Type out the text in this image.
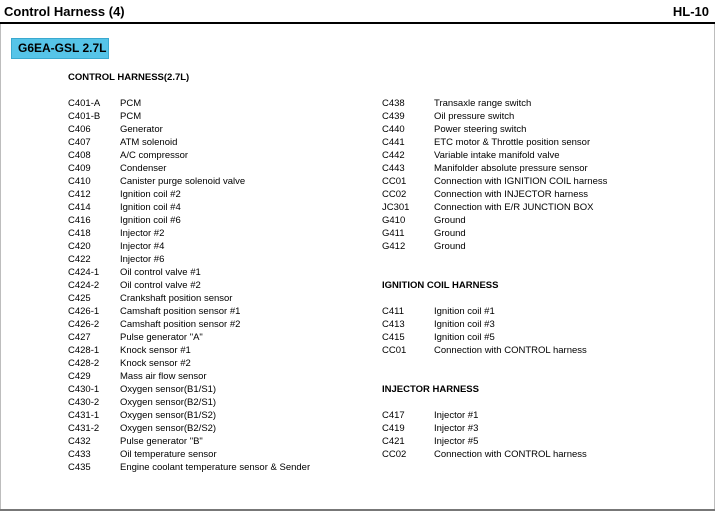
Control Harness (4)	HL-10
G6EA-GSL 2.7L
CONTROL HARNESS(2.7L)
C401-A PCM
C401-B PCM
C406	Generator
C407	ATM solenoid
C408	A/C compressor
C409	Condenser
C410	Canister purge solenoid valve
C412	Ignition coil #2
C414	Ignition coil #4
C416	Ignition coil #6
C418	Injector #2
C420	Injector #4
C422	Injector #6
C424-1 Oil control valve #1
C424-2 Oil control valve #2
C425	Crankshaft position sensor
C426-1 Camshaft position sensor #1
C426-2 Camshaft position sensor #2
C427	Pulse generator "A"
C428-1 Knock sensor #1
C428-2 Knock sensor #2
C429	Mass air flow sensor
C430-1 Oxygen sensor(B1/S1)
C430-2 Oxygen sensor(B2/S1)
C431-1 Oxygen sensor(B1/S2)
C431-2 Oxygen sensor(B2/S2)
C432	Pulse generator "B"
C433	Oil temperature sensor
C435	Engine coolant temperature sensor & Sender
C438	Transaxle range switch
C439	Oil pressure switch
C440	Power steering switch
C441	ETC motor & Throttle position sensor
C442	Variable intake manifold valve
C443	Manifolder absolute pressure sensor
CC01	Connection with IGNITION COIL harness
CC02	Connection with INJECTOR harness
JC301	Connection with E/R JUNCTION BOX
G410	Ground
G411	Ground
G412	Ground
IGNITION COIL HARNESS
C411	Ignition coil #1
C413	Ignition coil #3
C415	Ignition coil #5
CC01	Connection with CONTROL harness
INJECTOR HARNESS
C417	Injector #1
C419	Injector #3
C421	Injector #5
CC02	Connection with CONTROL harness
